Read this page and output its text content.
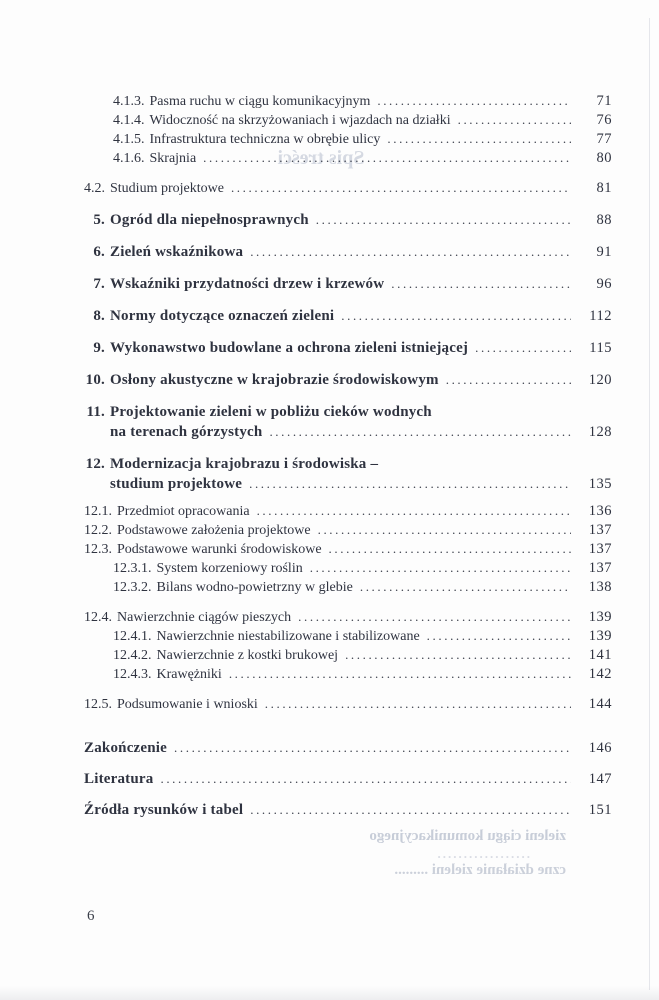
Spis treści
zieleni ciągu komunikacyjnego
..................
czne działanie zieleni .........
4.1.3. Pasma ruchu w ciągu komunikacyjnym .....	71
4.1.4. Widoczność na skrzyżowaniach i wjazdach na działki .....	76
4.1.5. Infrastruktura techniczna w obrębie ulicy .....	77
4.1.6. Skrajnia .....	80
4.2. Studium projektowe .....	81
5. Ogród dla niepełnosprawnych .....	88
6. Zieleń wskaźnikowa .....	91
7. Wskaźniki przydatności drzew i krzewów .....	96
8. Normy dotyczące oznaczeń zieleni .....	112
9. Wykonawstwo budowlane a ochrona zieleni istniejącej .....	115
10. Osłony akustyczne w krajobrazie środowiskowym .....	120
11. Projektowanie zieleni w pobliżu cieków wodnych
na terenach górzystych .....	128
12. Modernizacja krajobrazu i środowiska –
studium projektowe .....	135
12.1. Przedmiot opracowania .....	136
12.2. Podstawowe założenia projektowe .....	137
12.3. Podstawowe warunki środowiskowe .....	137
12.3.1. System korzeniowy roślin .....	137
12.3.2. Bilans wodno-powietrzny w glebie .....	138
12.4. Nawierzchnie ciągów pieszych .....	139
12.4.1. Nawierzchnie niestabilizowane i stabilizowane .....	139
12.4.2. Nawierzchnie z kostki brukowej .....	141
12.4.3. Krawężniki .....	142
12.5. Podsumowanie i wnioski .....	144
Zakończenie .....	146
Literatura .....	147
Źródła rysunków i tabel .....	151
6
